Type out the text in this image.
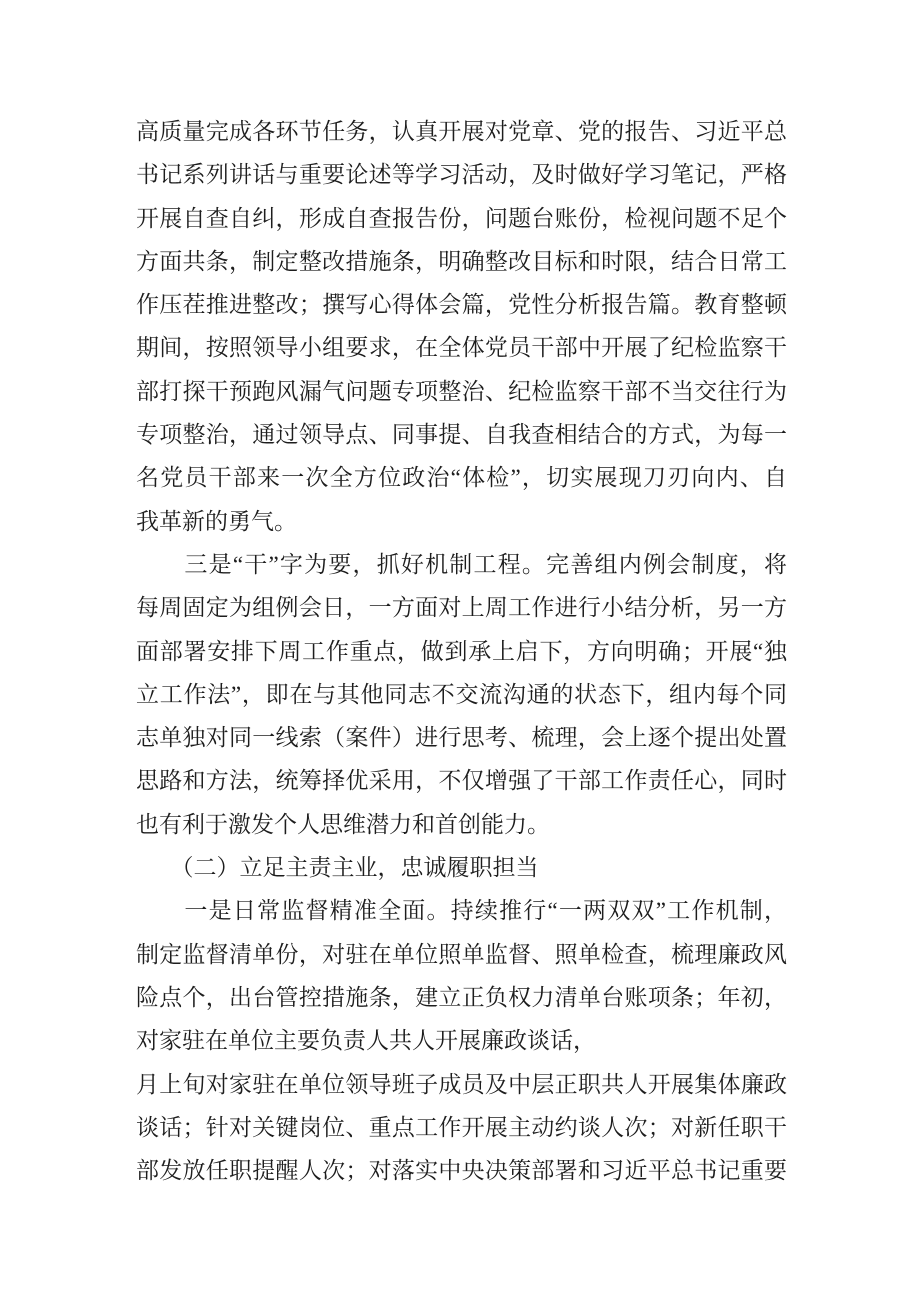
高质量完成各环节任务，认真开展对党章、党的报告、习近平总
书记系列讲话与重要论述等学习活动，及时做好学习笔记，严格
开展自查自纠，形成自查报告份，问题台账份，检视问题不足个
方面共条，制定整改措施条，明确整改目标和时限，结合日常工
作压茬推进整改；撰写心得体会篇，党性分析报告篇。教育整顿
期间，按照领导小组要求，在全体党员干部中开展了纪检监察干
部打探干预跑风漏气问题专项整治、纪检监察干部不当交往行为
专项整治，通过领导点、同事提、自我查相结合的方式，为每一
名党员干部来一次全方位政治“体检”，切实展现刀刃向内、自
我革新的勇气。
　　三是“干”字为要，抓好机制工程。完善组内例会制度，将
每周固定为组例会日，一方面对上周工作进行小结分析，另一方
面部署安排下周工作重点，做到承上启下，方向明确；开展“独
立工作法”，即在与其他同志不交流沟通的状态下，组内每个同
志单独对同一线索（案件）进行思考、梳理，会上逐个提出处置
思路和方法，统筹择优采用，不仅增强了干部工作责任心，同时
也有利于激发个人思维潜力和首创能力。
　　（二）立足主责主业，忠诚履职担当
　　一是日常监督精准全面。持续推行“一两双双”工作机制，
制定监督清单份，对驻在单位照单监督、照单检查，梳理廉政风
险点个，出台管控措施条，建立正负权力清单台账项条；年初，
对家驻在单位主要负责人共人开展廉政谈话，
月上旬对家驻在单位领导班子成员及中层正职共人开展集体廉政
谈话；针对关键岗位、重点工作开展主动约谈人次；对新任职干
部发放任职提醒人次；对落实中央决策部署和习近平总书记重要
